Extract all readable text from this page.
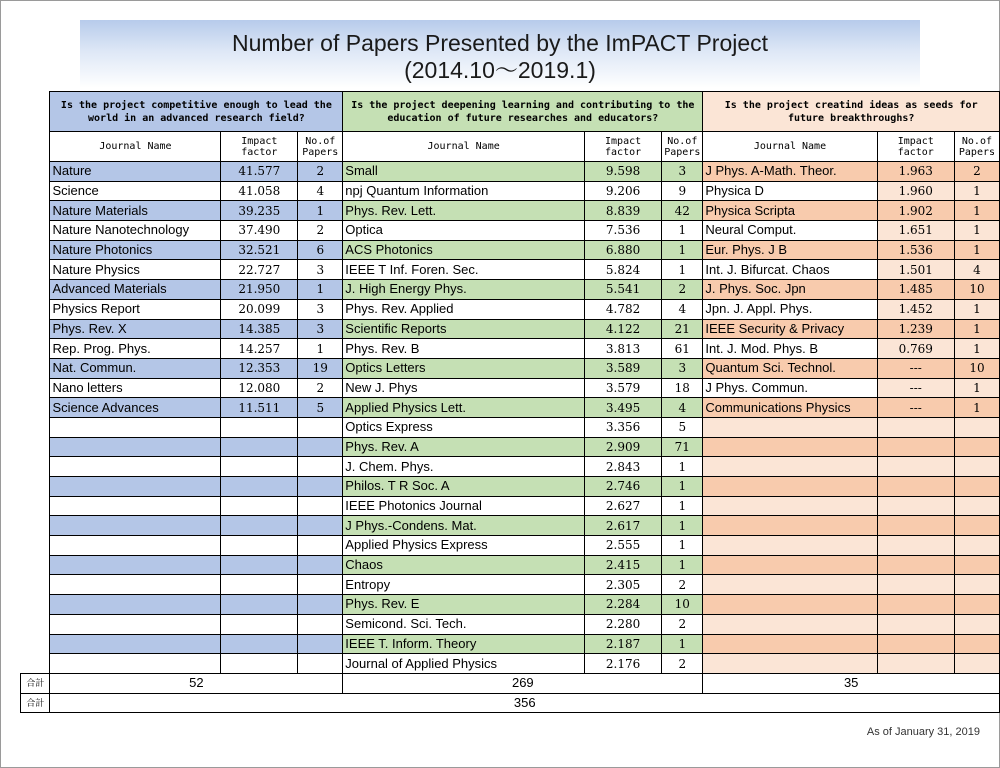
Number of Papers Presented by the ImPACT Project
(2014.10～2019.1)
	Is the project competitive enough to lead the world in an advanced research field?			Is the project deepening learning and contributing to the education of future researches and educators?			Is the project creatind ideas as seeds for future breakthroughs?		
	Journal Name	Impact factor	No.of Papers	Journal Name	Impact factor	No.of Papers	Journal Name	Impact factor	No.of Papers
	Nature	41.577	2	Small	9.598	3	J Phys. A-Math. Theor.	1.963	2
	Science	41.058	4	npj Quantum Information	9.206	9	Physica D	1.960	1
	Nature Materials	39.235	1	Phys. Rev. Lett.	8.839	42	Physica Scripta	1.902	1
	Nature Nanotechnology	37.490	2	Optica	7.536	1	Neural Comput.	1.651	1
	Nature Photonics	32.521	6	ACS Photonics	6.880	1	Eur. Phys. J B	1.536	1
	Nature Physics	22.727	3	IEEE T Inf. Foren. Sec.	5.824	1	Int. J. Bifurcat. Chaos	1.501	4
	Advanced Materials	21.950	1	J. High Energy Phys.	5.541	2	J. Phys. Soc. Jpn	1.485	10
	Physics Report	20.099	3	Phys. Rev. Applied	4.782	4	Jpn. J. Appl. Phys.	1.452	1
	Phys. Rev. X	14.385	3	Scientific Reports	4.122	21	IEEE Security & Privacy	1.239	1
	Rep. Prog. Phys.	14.257	1	Phys. Rev. B	3.813	61	Int. J. Mod. Phys. B	0.769	1
	Nat. Commun.	12.353	19	Optics Letters	3.589	3	Quantum Sci. Technol.	---	10
	Nano letters	12.080	2	New J. Phys	3.579	18	J Phys. Commun.	---	1
	Science Advances	11.511	5	Applied Physics Lett.	3.495	4	Communications Physics	---	1
				Optics Express	3.356	5			
				Phys. Rev. A	2.909	71			
				J. Chem. Phys.	2.843	1			
				Philos. T R Soc. A	2.746	1			
				IEEE Photonics Journal	2.627	1			
				J Phys.-Condens. Mat.	2.617	1			
				Applied Physics Express	2.555	1			
				Chaos	2.415	1			
				Entropy	2.305	2			
				Phys. Rev. E	2.284	10			
				Semicond. Sci. Tech.	2.280	2			
				IEEE T. Inform. Theory	2.187	1			
				Journal of Applied Physics	2.176	2			
合計	52			269			35		
合計	356								
As of January 31, 2019
